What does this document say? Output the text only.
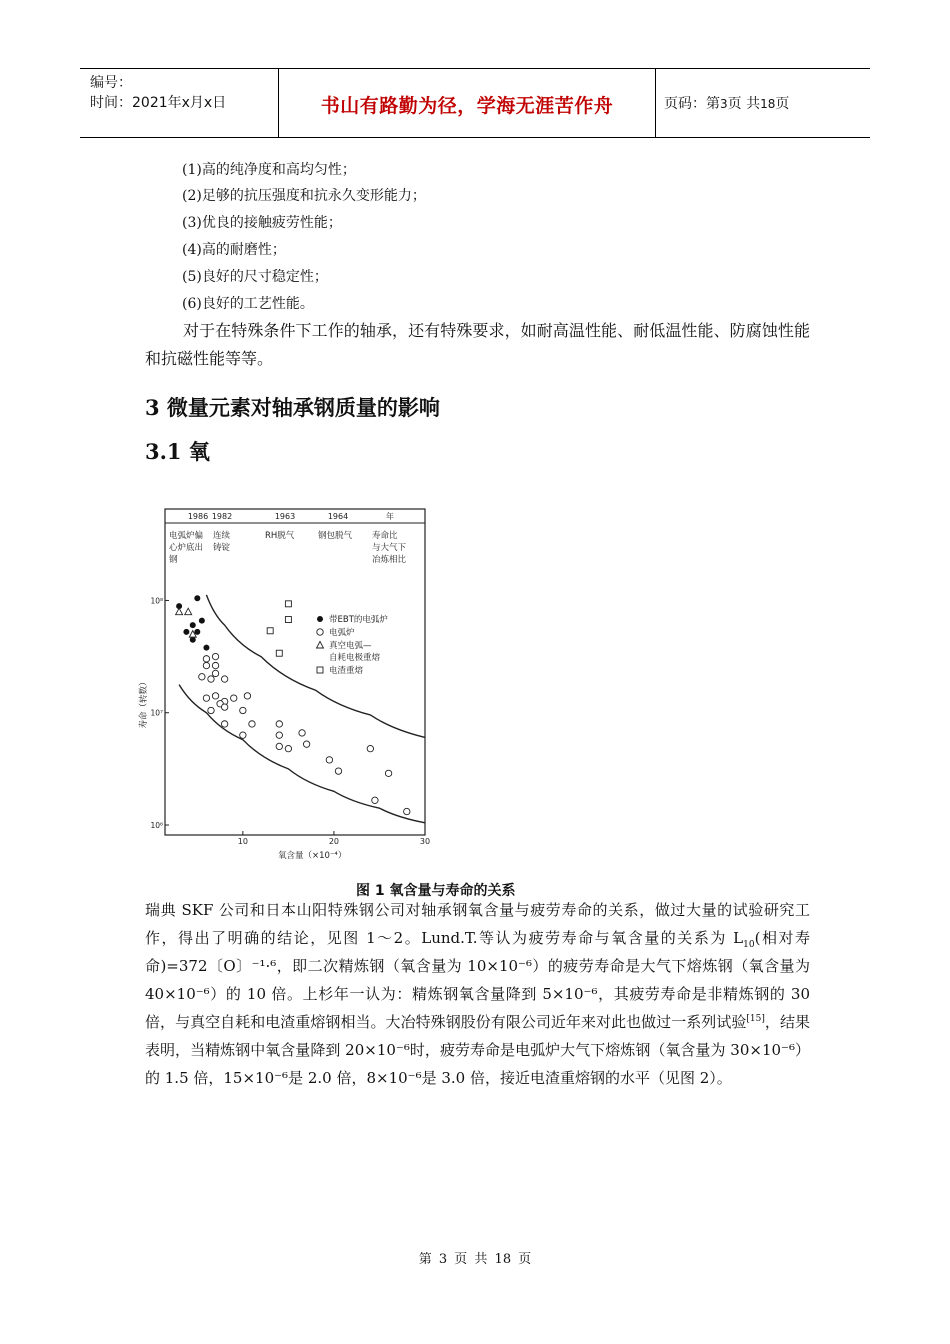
编号：
时间：2021年x月x日	书山有路勤为径，学海无涯苦作舟	页码：第3页 共18页
(1)高的纯净度和高均匀性；
(2)足够的抗压强度和抗永久变形能力；
(3)优良的接触疲劳性能；
(4)高的耐磨性；
(5)良好的尺寸稳定性；
(6)良好的工艺性能。
对于在特殊条件下工作的轴承，还有特殊要求，如耐高温性能、耐低温性能、防腐蚀性能和抗磁性能等等。
3 微量元素对轴承钢质量的影响
3.1 氧
1986 1982	1963	1964	年
电弧炉偏心炉底出钢
连续铸锭
RH脱气	钢包脱气 寿命比与大气下冶炼相比
10⁸
10⁷
10⁶
10	20	30
氧含量（×10⁻⁴）
寿命（转数）
带EBT的电弧炉
电弧炉
真空电弧—自耗电极重熔
电渣重熔
图 1 氧含量与寿命的关系
瑞典 SKF 公司和日本山阳特殊钢公司对轴承钢氧含量与疲劳寿命的关系，做过大量的试验研究工作，得出了明确的结论，见图 1～2。Lund.T.等认为疲劳寿命与氧含量的关系为 $L_{10}$(相对寿命)=372〔O〕⁻¹·⁶，即二次精炼钢（氧含量为 10×10⁻⁶）的疲劳寿命是大气下熔炼钢（氧含量为 40×10⁻⁶）的 10 倍。上杉年一认为：精炼钢氧含量降到 5×10⁻⁶，其疲劳寿命是非精炼钢的 30 倍，与真空自耗和电渣重熔钢相当。大冶特殊钢股份有限公司近年来对此也做过一系列试验[15]，结果表明，当精炼钢中氧含量降到 20×10⁻⁶时，疲劳寿命是电弧炉大气下熔炼钢（氧含量为 30×10⁻⁶）的 1.5 倍，15×10⁻⁶是 2.0 倍，8×10⁻⁶是 3.0 倍，接近电渣重熔钢的水平（见图 2）。
第 3 页 共 18 页
